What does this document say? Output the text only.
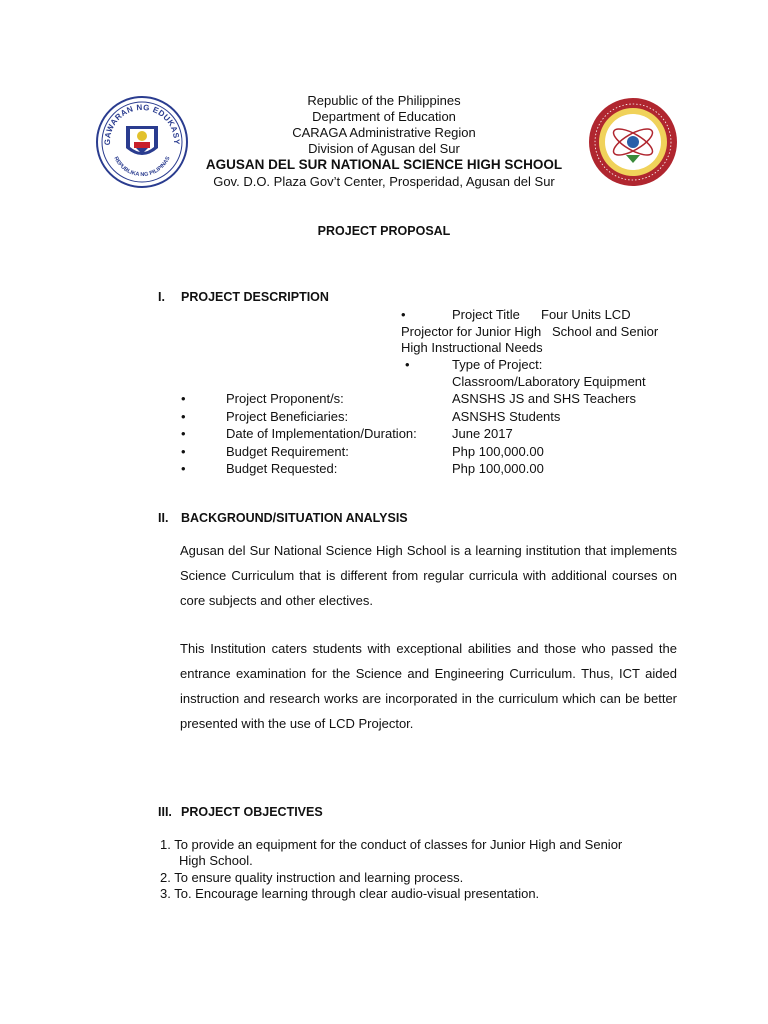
GAWARAN NG EDUKASY
REPUBLIKA NG PILIPINAS
Republic of the Philippines
Department of Education
CARAGA Administrative Region
Division of Agusan del Sur
AGUSAN DEL SUR NATIONAL SCIENCE HIGH SCHOOL
Gov. D.O. Plaza Gov’t Center, Prosperidad, Agusan del Sur
PROJECT PROPOSAL
I. PROJECT DESCRIPTION
•	Project Title Four Units LCD
Projector for Junior High   School and Senior
High Instructional Needs
•	Type of Project:
Classroom/Laboratory Equipment
•	Project Proponent/s:	ASNSHS JS and SHS Teachers
•	Project Beneficiaries:	ASNSHS Students
•	Date of Implementation/Duration:	June 2017
•	Budget Requirement:	Php 100,000.00
•	Budget Requested:	Php 100,000.00
II. BACKGROUND/SITUATION ANALYSIS
Agusan del Sur National Science High School is a learning institution that implements Science Curriculum that is different from regular curricula with additional courses on core subjects and other electives.
This Institution caters students with exceptional abilities and those who passed the entrance examination for the Science and Engineering Curriculum. Thus, ICT aided instruction and research works are incorporated in the curriculum which can be better presented with the use of LCD Projector.
III. PROJECT OBJECTIVES
1. To provide an equipment for the conduct of classes for Junior High and Senior
High School.
2. To ensure quality instruction and learning process.
3. To. Encourage learning through clear audio-visual presentation.
